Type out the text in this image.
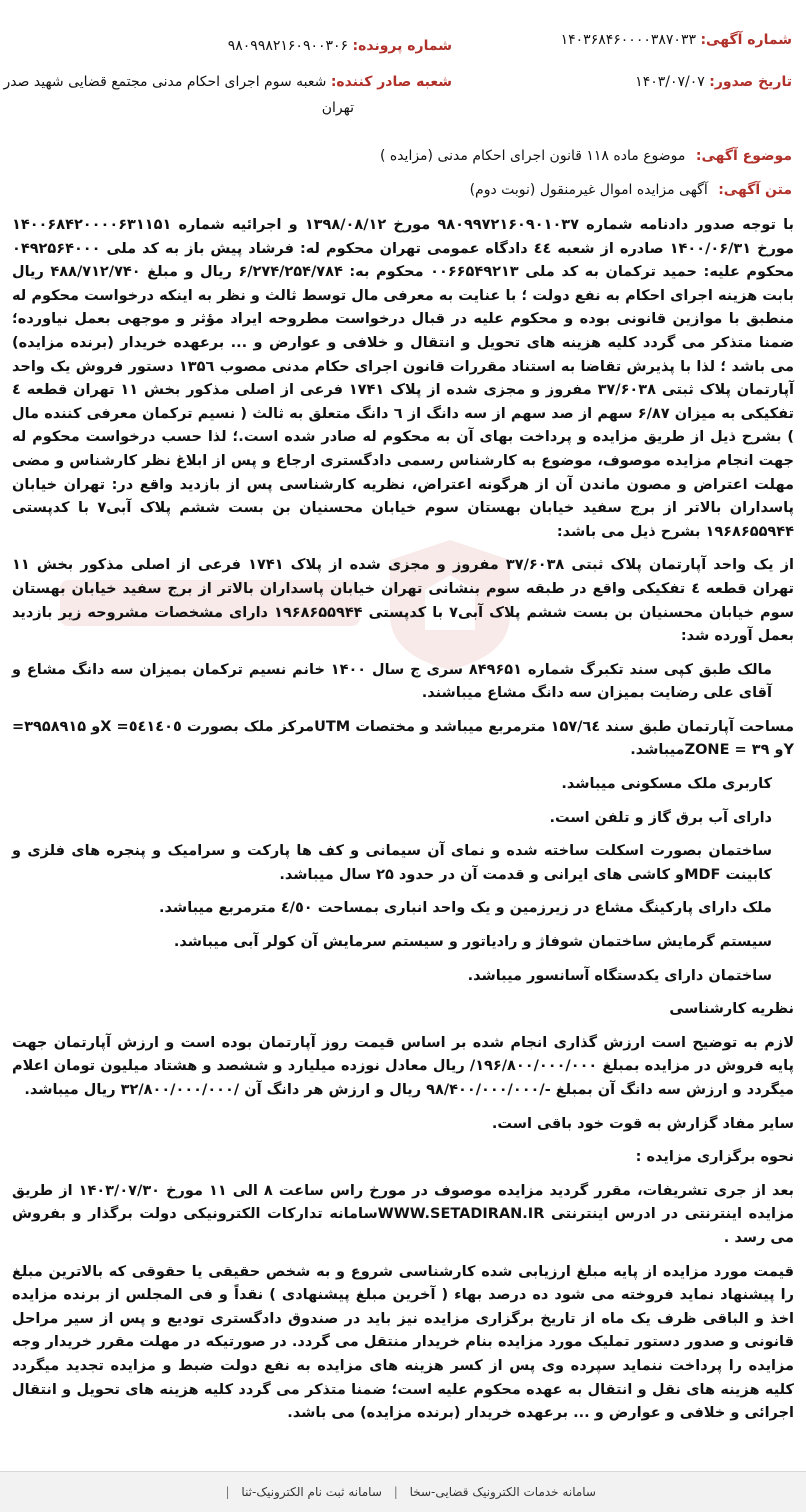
شماره آگهی: ۱۴۰۳۶۸۴۶۰۰۰۰۳۸۷۰۳۳
شماره پرونده: ۹۸۰۹۹۸۲۱۶۰۹۰۰۳۰۶
تاریخ صدور: ۱۴۰۳/۰۷/۰۷
شعبه صادر کننده: شعبه سوم اجرای احکام مدنی مجتمع قضایی شهید صدر
تهران
موضوع آگهی: موضوع ماده ۱۱۸ قانون اجرای احکام مدنی (مزایده )
متن آگهی: آگهی مزایده اموال غیرمنقول (نوبت دوم)

با توجه صدور دادنامه شماره ۹۸۰۹۹۷۲۱۶۰۹۰۱۰۳۷ مورخ ۱۳۹۸/۰۸/۱۲ و اجرائیه شماره ۱۴۰۰۶۸۴۲۰۰۰۰۶۳۱۱۵۱ مورخ ۱۴۰۰/۰۶/۳۱ صادره از شعبه ٤٤ دادگاه عمومی تهران محکوم له: فرشاد پیش باز به کد ملی ۰۴۹۲۵۶۴۰۰۰ محکوم علیه: حمید ترکمان به کد ملی ۰۰۶۶۵۴۹۲۱۳ محکوم به: ۶/۲۷۴/۲۵۴/۷۸۴ ریال و مبلغ ۴۸۸/۷۱۲/۷۴۰ ریال بابت هزینه اجرای احکام به نفع دولت ؛ با عنایت به معرفی مال توسط ثالث و نظر به اینکه درخواست محکوم له منطبق با موازین قانونی بوده و محکوم علیه در قبال درخواست مطروحه ایراد مؤثر و موجهی بعمل نیاورده؛ ضمنا متذکر می گردد کلیه هزینه های تحویل و انتقال و خلافی و عوارض و ... برعهده خریدار (برنده مزایده) می باشد ؛ لذا با پذیرش تقاضا به استناد مقررات قانون اجرای حکام مدنی مصوب ۱۳۵٦ دستور فروش یک واحد آپارتمان پلاک ثبتی ۳۷/۶۰۳۸ مفروز و مجزی شده از پلاک ۱۷۴۱ فرعی از اصلی مذکور بخش ۱۱ تهران قطعه ٤ تفکیکی به میزان ۶/۸۷ سهم از صد سهم از سه دانگ از ٦ دانگ متعلق به ثالث ( نسیم ترکمان معرفی کننده مال ) بشرح ذیل از طریق مزایده و پرداخت بهای آن به محکوم له صادر شده است.؛ لذا حسب درخواست محکوم له جهت انجام مزایده موصوف، موضوع به کارشناس رسمی دادگستری ارجاع و پس از ابلاغ نظر کارشناس و مضی مهلت اعتراض و مصون ماندن آن از هرگونه اعتراض، نظریه کارشناسی پس از بازدید واقع در: تهران خیابان پاسداران بالاتر از برج سفید خیابان بهستان سوم خیابان محسنیان بن بست ششم پلاک آبی۷ با کدپستی ۱۹۶۸۶۵۵۹۴۴ بشرح ذیل می باشد:

از یک واحد آپارتمان پلاک ثبتی ۳۷/۶۰۳۸ مفروز و مجزی شده از پلاک ۱۷۴۱ فرعی از اصلی مذکور بخش ۱۱ تهران قطعه ٤ تفکیکی واقع در طبقه سوم بنشانی تهران خیابان پاسداران بالاتر از برج سفید خیابان بهستان سوم خیابان محسنیان بن بست ششم پلاک آبی۷ با کدپستی ۱۹۶۸۶۵۵۹۴۴ دارای مشخصات مشروحه زیر بازدید بعمل آورده شد:

مالک طبق کپی سند تکبرگ شماره ۸۴۹۶۵۱ سری ج سال ۱۴۰۰ خانم نسیم ترکمان بمیزان سه دانگ مشاع و آقای علی رضایت بمیزان سه دانگ مشاع میباشند.

مساحت آپارتمان طبق سند ۱۵۷/٦٤ مترمربع میباشد و مختصات UTMمرکز ملک بصورت ٥٤١٤٠٥= Xو ۳۹۵۸۹۱۵= Yو ۳۹ = ZONEمیباشد.

کاربری ملک مسکونی میباشد.

دارای آب برق گاز و تلفن است.

ساختمان بصورت اسکلت ساخته شده و نمای آن سیمانی و کف ها پارکت و سرامیک و پنجره های فلزی و کابینت MDFو کاشی های ایرانی و قدمت آن در حدود ۲۵ سال میباشد.

ملک دارای پارکینگ مشاع در زیرزمین و یک واحد انباری بمساحت ٤/٥٠ مترمربع میباشد.

سیستم گرمایش ساختمان شوفاژ و رادیاتور و سیستم سرمایش آن کولر آبی میباشد.

ساختمان دارای یکدستگاه آسانسور میباشد.

نظریه کارشناسی

لازم به توضیح است ارزش گذاری انجام شده بر اساس قیمت روز آپارتمان بوده است و ارزش آپارتمان جهت پایه فروش در مزایده بمبلغ ۱۹۶/۸۰۰/۰۰۰/۰۰۰/ ریال معادل نوزده میلیارد و ششصد و هشتاد میلیون تومان اعلام میگردد و ارزش سه دانگ آن بمبلغ -/۹۸/۴۰۰/۰۰۰/۰۰۰ ریال و ارزش هر دانگ آن /۳۲/۸۰۰/۰۰۰/۰۰۰ ریال میباشد.

سایر مفاد گزارش به قوت خود باقی است.

نحوه برگزاری مزایده :

بعد از جری تشریفات، مقرر گردید مزایده موصوف در مورخ راس ساعت ۸ الی ۱۱ مورخ ۱۴۰۳/۰۷/۳۰ از طریق مزایده اینترنتی در ادرس اینترنتی WWW.SETADIRAN.IRسامانه تدارکات الکترونیکی دولت برگذار و بفروش می رسد .

قیمت مورد مزایده از پایه مبلغ ارزیابی شده کارشناسی شروع و به شخص حقیقی یا حقوقی که بالاترین مبلغ را پیشنهاد نماید فروخته می شود ده درصد بهاء ( آخرین مبلغ پیشنهادی ) نقداً و فی المجلس از برنده مزایده اخذ و الباقی ظرف یک ماه از تاریخ برگزاری مزایده نیز باید در صندوق دادگستری تودیع و پس از سیر مراحل قانونی و صدور دستور تملیک مورد مزایده بنام خریدار منتقل می گردد. در صورتیکه در مهلت مقرر خریدار وجه مزایده را پرداخت ننماید سپرده وی پس از کسر هزینه های مزایده به نفع دولت ضبط و مزایده تجدید میگردد کلیه هزینه های نقل و انتقال به عهده محکوم علیه است؛ ضمنا متذکر می گردد کلیه هزینه های تحویل و انتقال اجرائی و خلافی و عوارض و ... برعهده خریدار (برنده مزایده) می باشد.

سامانه خدمات الکترونیک قضایی-سخا | سامانه ثبت نام الکترونیک-ثنا |
